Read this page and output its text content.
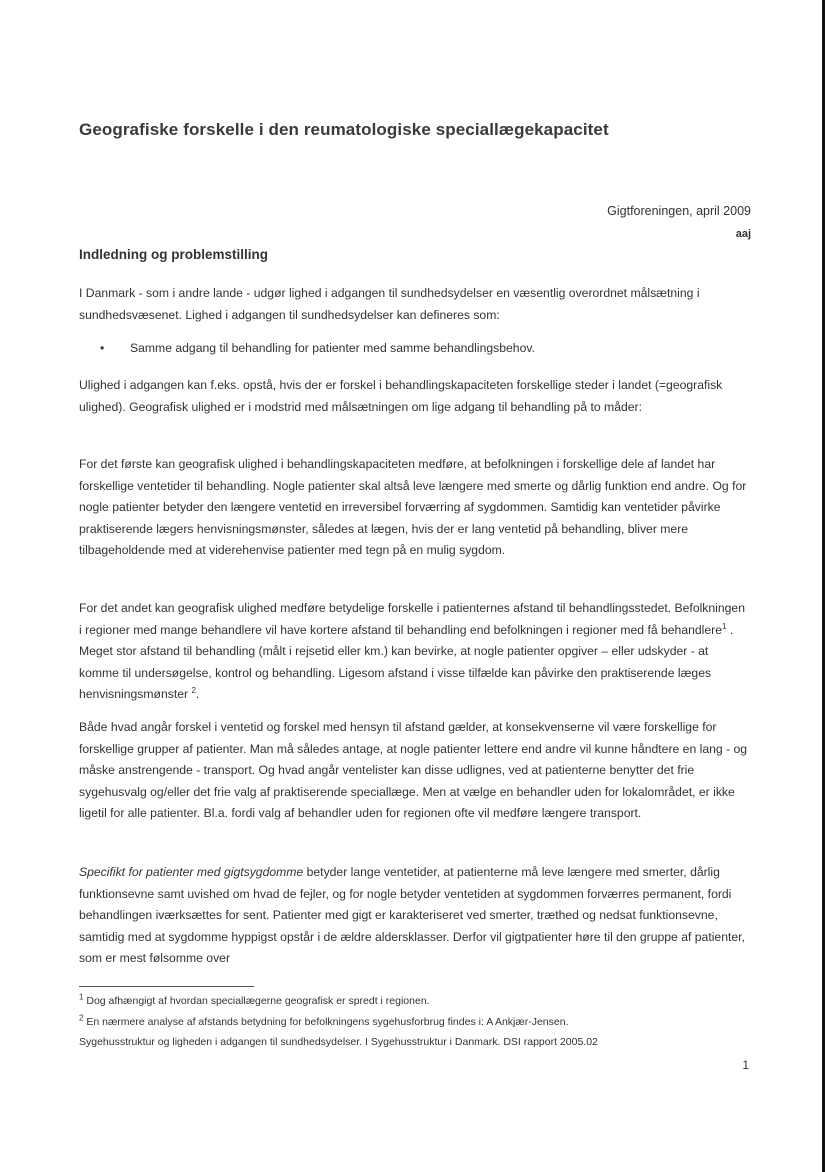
Geografiske forskelle i den reumatologiske speciallægekapacitet
Gigtforeningen, april 2009
aaj
Indledning og problemstilling
I Danmark - som i andre lande - udgør lighed i adgangen til sundhedsydelser en væsentlig overordnet målsætning i sundhedsvæsenet. Lighed i adgangen til sundhedsydelser kan defineres som:
•	Samme adgang til behandling for patienter med samme behandlingsbehov.
Ulighed i adgangen kan f.eks. opstå, hvis der er forskel i behandlingskapaciteten forskellige steder i landet (=geografisk ulighed). Geografisk ulighed er i modstrid med målsætningen om lige adgang til behandling på to måder:
For det første kan geografisk ulighed i behandlingskapaciteten medføre, at befolkningen i forskellige dele af landet har forskellige ventetider til behandling. Nogle patienter skal altså leve længere med smerte og dårlig funktion end andre. Og for nogle patienter betyder den længere ventetid en irreversibel forværring af sygdommen. Samtidig kan ventetider påvirke praktiserende lægers henvisningsmønster, således at lægen, hvis der er lang ventetid på behandling, bliver mere tilbageholdende med at viderehenvise patienter med tegn på en mulig sygdom.
For det andet kan geografisk ulighed medføre betydelige forskelle i patienternes afstand til behandlingsstedet. Befolkningen i regioner med mange behandlere vil have kortere afstand til behandling end befolkningen i regioner med få behandlere$^1$ . Meget stor afstand til behandling (målt i rejsetid eller km.) kan bevirke, at nogle patienter opgiver – eller udskyder - at komme til undersøgelse, kontrol og behandling. Ligesom afstand i visse tilfælde kan påvirke den praktiserende læges henvisningsmønster $^2$.
Både hvad angår forskel i ventetid og forskel med hensyn til afstand gælder, at konsekvenserne vil være forskellige for forskellige grupper af patienter. Man må således antage, at nogle patienter lettere end andre vil kunne håndtere en lang - og måske anstrengende - transport. Og hvad angår ventelister kan disse udlignes, ved at patienterne benytter det frie sygehusvalg og/eller det frie valg af praktiserende speciallæge. Men at vælge en behandler uden for lokalområdet, er ikke ligetil for alle patienter. Bl.a. fordi valg af behandler uden for regionen ofte vil medføre længere transport.
Specifikt for patienter med gigtsygdomme betyder lange ventetider, at patienterne må leve længere med smerter, dårlig funktionsevne samt uvished om hvad de fejler, og for nogle betyder ventetiden at sygdommen forværres permanent, fordi behandlingen iværksættes for sent. Patienter med gigt er karakteriseret ved smerter, træthed og nedsat funktionsevne, samtidig med at sygdomme hyppigst opstår i de ældre aldersklasser. Derfor vil gigtpatienter høre til den gruppe af patienter, som er mest følsomme over
$^1$ Dog afhængigt af hvordan speciallægerne geografisk er spredt i regionen.
$^2$ En nærmere analyse af afstands betydning for befolkningens sygehusforbrug findes i: A Ankjær-Jensen.
Sygehusstruktur og ligheden i adgangen til sundhedsydelser. I Sygehusstruktur i Danmark. DSI rapport 2005.02
1
